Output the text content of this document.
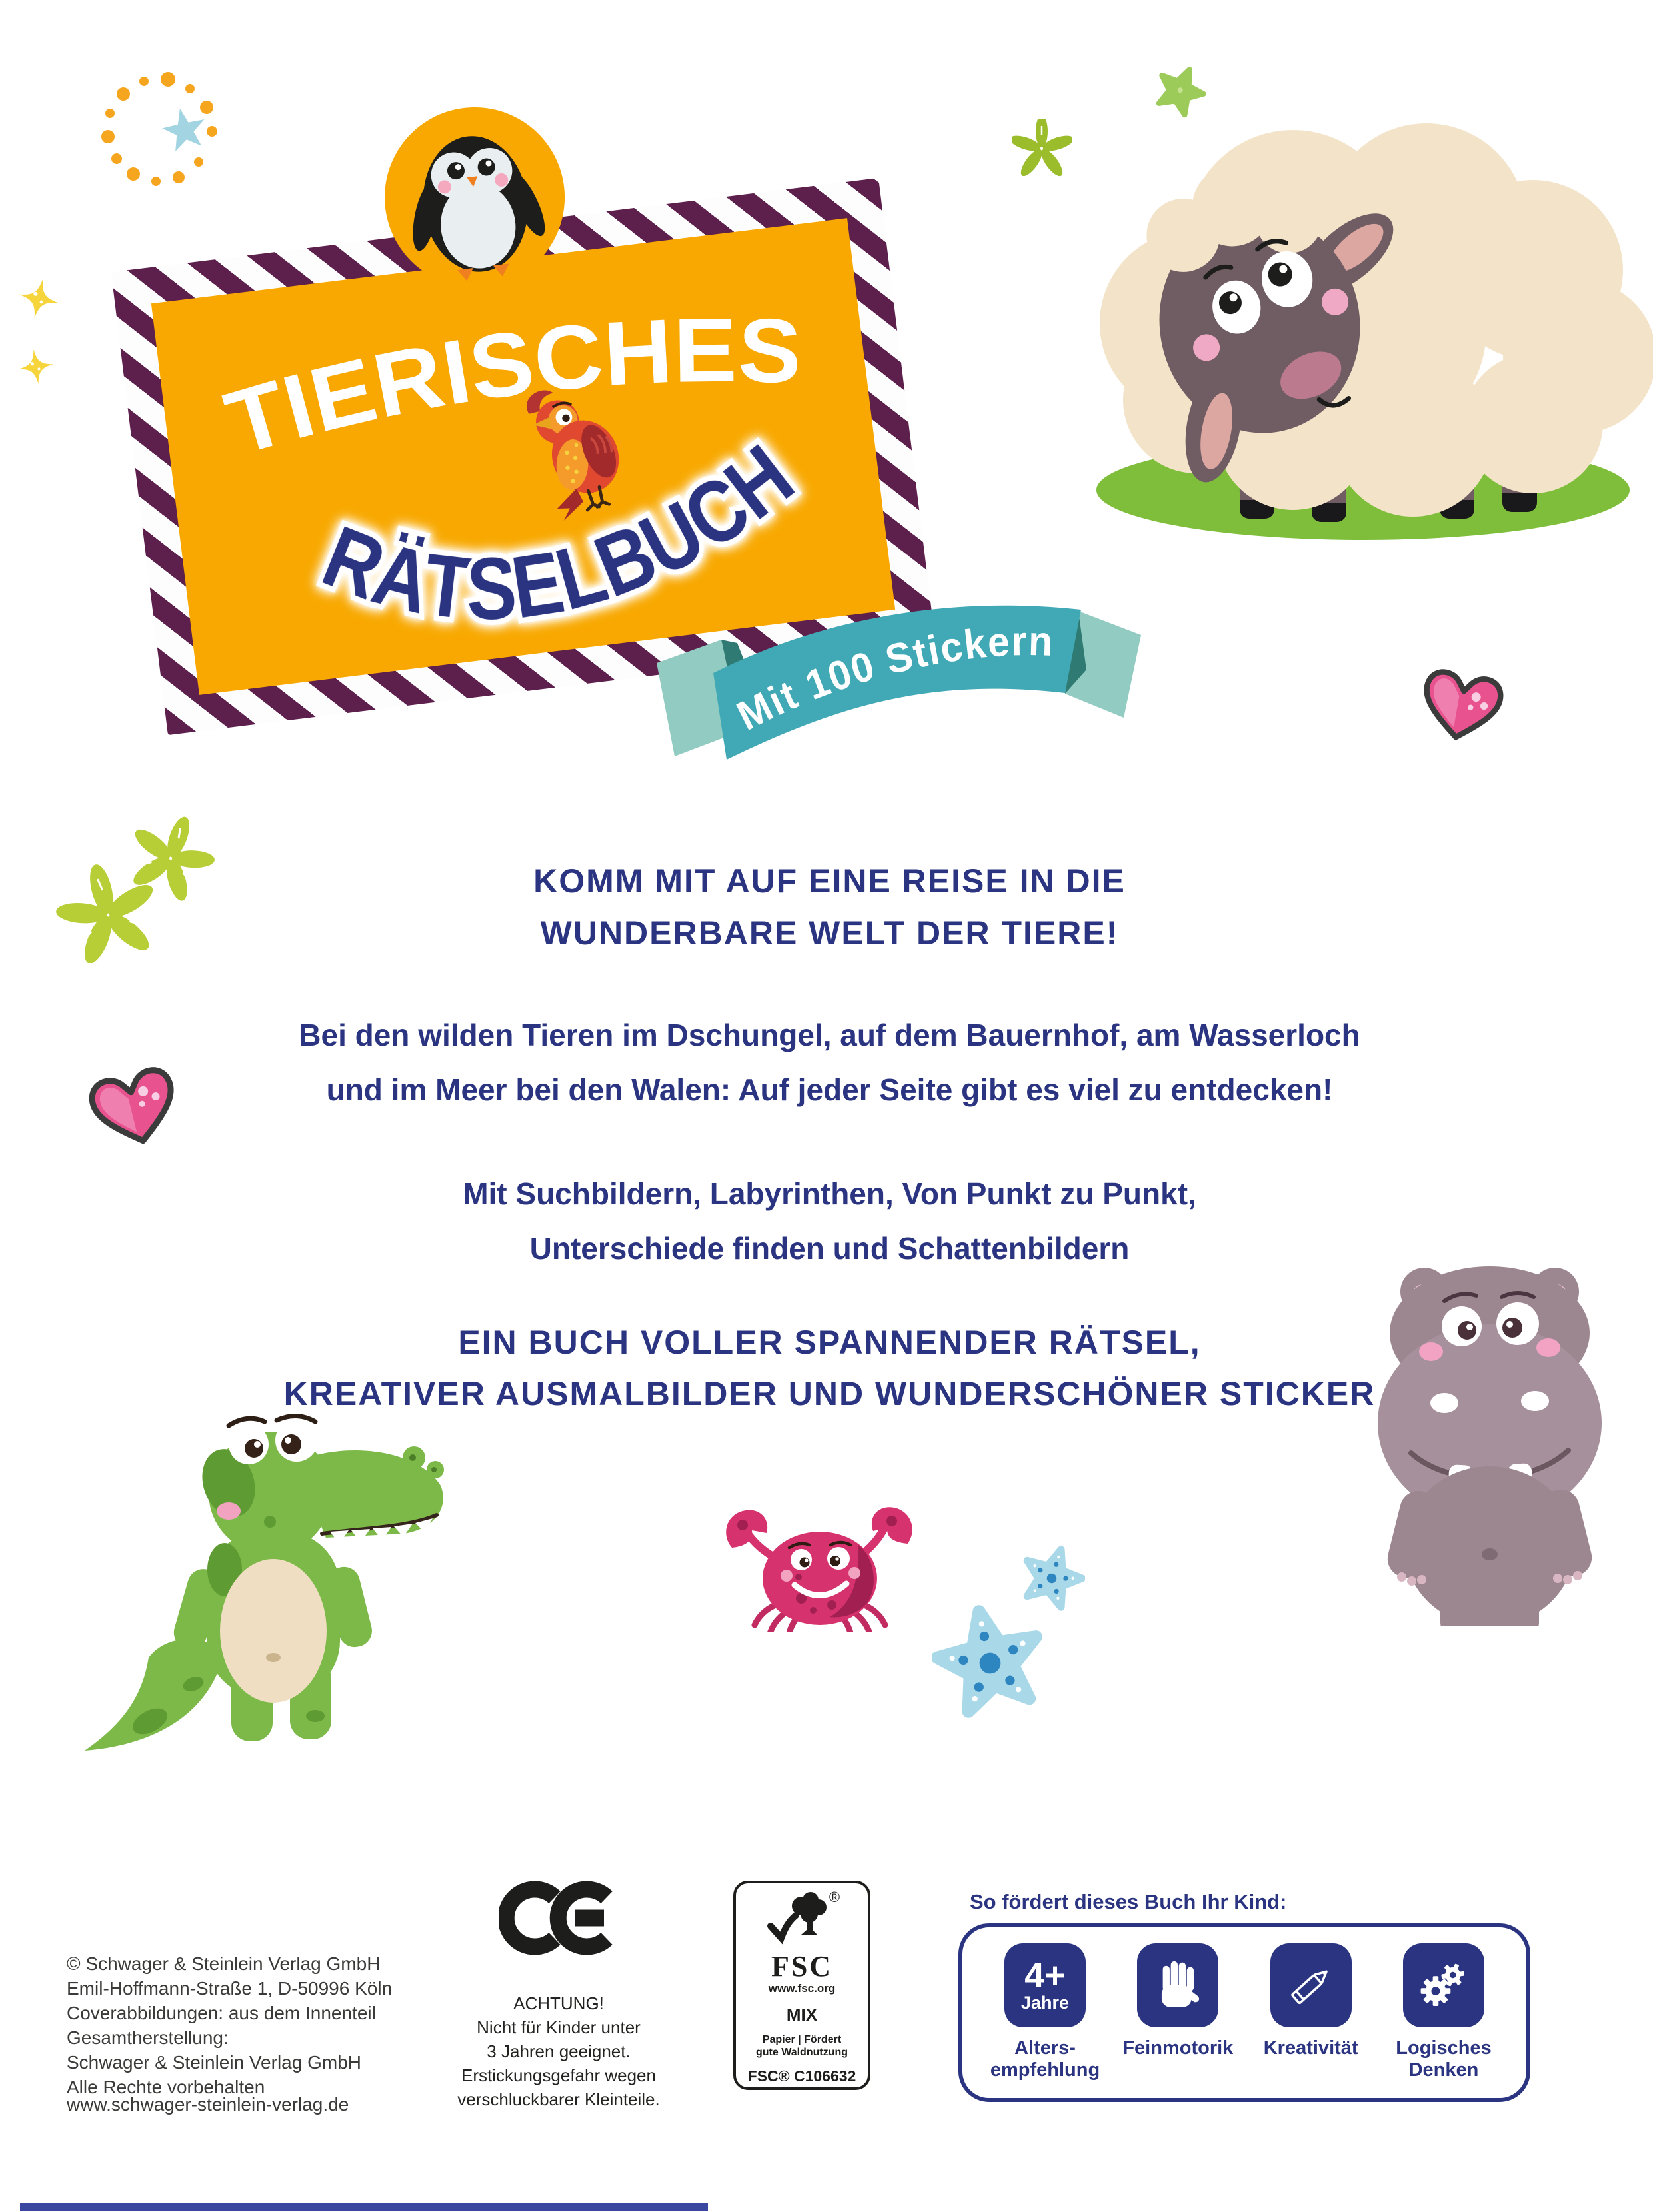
TIERISCHES
RÄTSELBUCH
Mit 100 Stickern
KOMM MIT AUF EINE REISE IN DIE
WUNDERBARE WELT DER TIERE!
Bei den wilden Tieren im Dschungel, auf dem Bauernhof, am Wasserloch
und im Meer bei den Walen: Auf jeder Seite gibt es viel zu entdecken!
Mit Suchbildern, Labyrinthen, Von Punkt zu Punkt,
Unterschiede finden und Schattenbildern
EIN BUCH VOLLER SPANNENDER RÄTSEL,
KREATIVER AUSMALBILDER UND WUNDERSCHÖNER STICKER
© Schwager & Steinlein Verlag GmbH
Emil-Hoffmann-Straße 1, D-50996 Köln
Coverabbildungen: aus dem Innenteil
Gesamtherstellung:
Schwager & Steinlein Verlag GmbH
Alle Rechte vorbehalten
www.schwager-steinlein-verlag.de
ACHTUNG!
Nicht für Kinder unter
3 Jahren geeignet.
Erstickungsgefahr wegen
verschluckbarer Kleinteile.
®
FSC
www.fsc.org
MIX
Papier | Fördert
gute Waldnutzung
FSC® C106632
So fördert dieses Buch Ihr Kind:
4+
Jahre
Alters-
empfehlung
Feinmotorik	Kreativität	Logisches
Denken
